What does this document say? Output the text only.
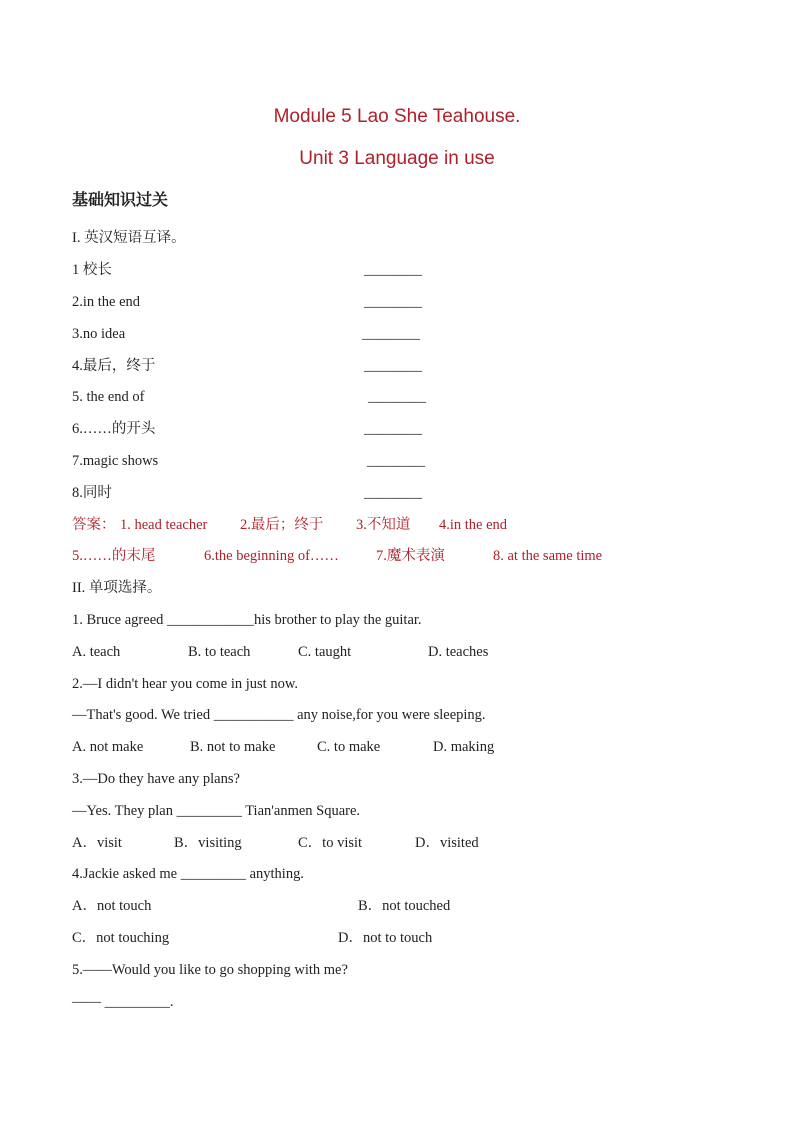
Module 5 Lao She Teahouse.
Unit 3 Language in use
基础知识过关
I. 英汉短语互译。
1 校长	________
2.in the end	________
3.no idea	________
4.最后，终于	________
5. the end of	________
6.……的开头	________
7.magic shows	________
8.同时	________
答案： 1. head teacher 2.最后；终于 3.不知道 4.in the end
5.……的末尾	6.the beginning of……	7.魔术表演	8. at the same time
II. 单项选择。
1. Bruce agreed ____________his brother to play the guitar.
A. teach	B. to teach	C. taught	D. teaches
2.—I didn't hear you come in just now.
—That's good. We tried ___________ any noise,for you were sleeping.
A. not make	B. not to make	C. to make	D. making
3.—Do they have any plans?
—Yes. They plan _________ Tian'anmen Square.
A．visit	B．visiting	C．to visit	D．visited
4.Jackie asked me _________ anything.
A．not touch	B．not touched
C．not touching	D．not to touch
5.——Would you like to go shopping with me?
—— _________.
